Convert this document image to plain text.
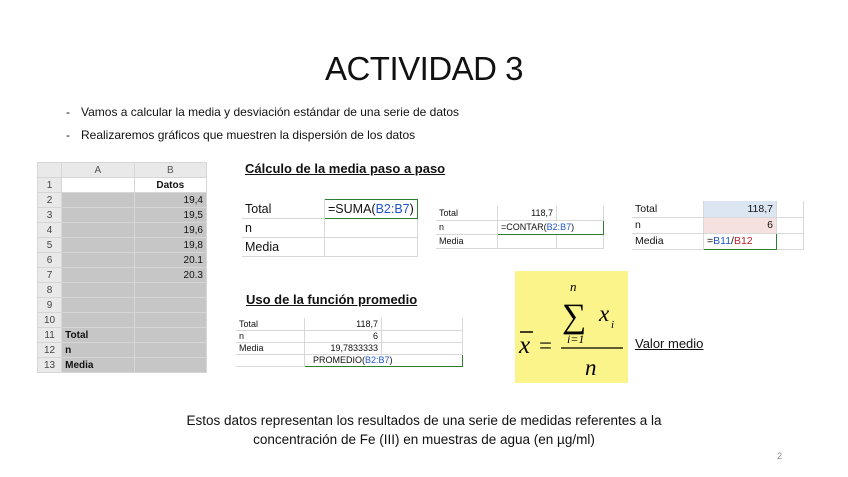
ACTIVIDAD 3
- Vamos a calcular la media y desviación estándar de una serie de datos
- Realizaremos gráficos que muestren la dispersión de los datos
	A	B
1		Datos
2		19,4
3		19,5
4		19,6
5		19,8
6		20.1
7		20.3
8		
9		
10		
11	Total	
12	n	
13	Media	
Cálculo de la media paso a paso
Total	=SUMA(B2:B7)
n	
Media	
Total	118,7	
n	=CONTAR(B2:B7)	
Media		
Total	118,7	
n	6	
Media	=B11/B12	
Uso de la función promedio
Total	118,7	
n	6	
Media	19,7833333	
	PROMEDIO(B2:B7)	
x =
n
∑ x i
i=1
n
Valor medio
Estos datos representan los resultados de una serie de medidas referentes a la
concentración de Fe (III) en muestras de agua (en µg/ml)
2
